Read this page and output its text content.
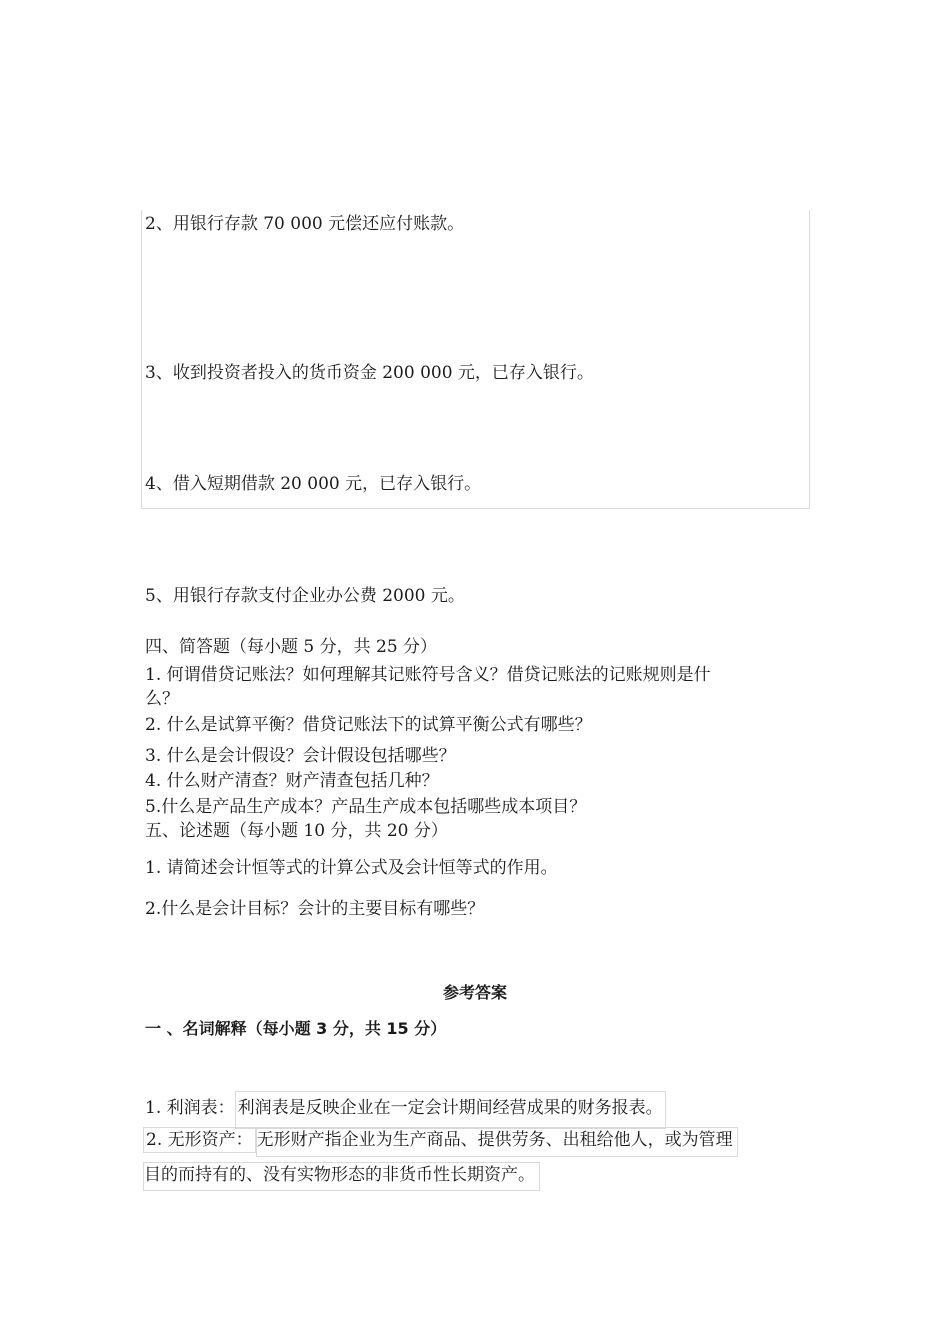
2、用银行存款 70 000 元偿还应付账款。
3、收到投资者投入的货币资金 200 000 元，已存入银行。
4、借入短期借款 20 000 元，已存入银行。
5、用银行存款支付企业办公费 2000 元。
四、简答题（每小题 5 分，共 25 分）
1. 何谓借贷记账法？如何理解其记账符号含义？借贷记账法的记账规则是什
么？
2. 什么是试算平衡？借贷记账法下的试算平衡公式有哪些？
3. 什么是会计假设？会计假设包括哪些？
4. 什么财产清查？财产清查包括几种？
5.什么是产品生产成本？产品生产成本包括哪些成本项目？
五、论述题（每小题 10 分，共 20 分）
1. 请简述会计恒等式的计算公式及会计恒等式的作用。
2.什么是会计目标？会计的主要目标有哪些？
参考答案
一 、名词解释（每小题 3 分，共 15 分）
1. 利润表： 利润表是反映企业在一定会计期间经营成果的财务报表。
2. 无形资产： 无形财产指企业为生产商品、提供劳务、出租给他人，或为管理
目的而持有的、没有实物形态的非货币性长期资产。
